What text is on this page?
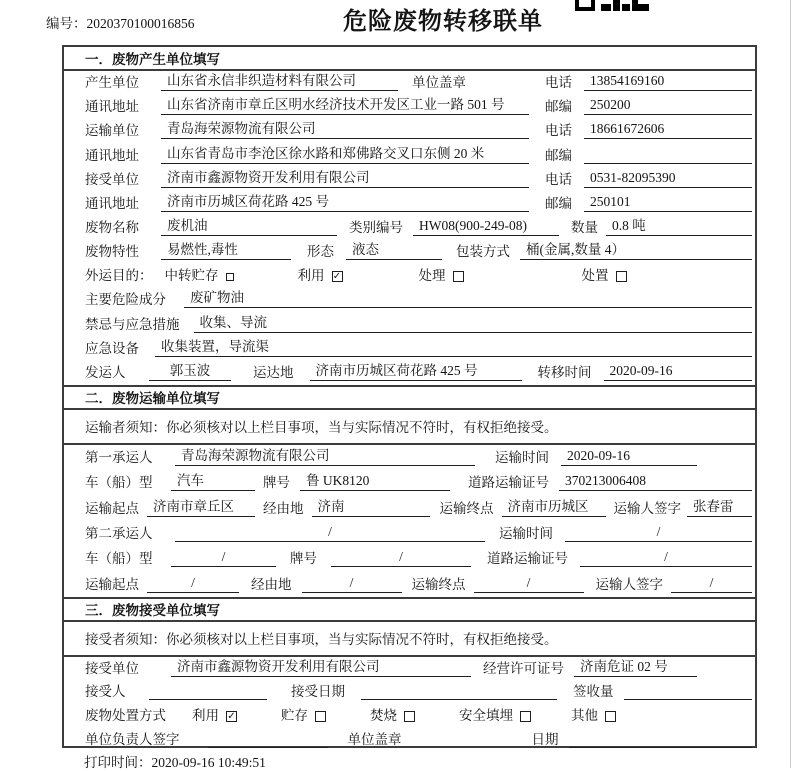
编号：2020370100016856	危险废物转移联单
一．废物产生单位填写
产生单位	山东省永信非织造材料有限公司	单位盖章	电话	13854169160
通讯地址	山东省济南市章丘区明水经济技术开发区工业一路 501 号	邮编	250200
运输单位	青岛海荣源物流有限公司	电话	18661672606
通讯地址	山东省青岛市李沧区徐水路和郑佛路交叉口东侧 20 米	邮编
接受单位	济南市鑫源物资开发利用有限公司	电话	0531-82095390
通讯地址	济南市历城区荷花路 425 号	邮编	250101
废物名称	废机油	类别编号	HW08(900-249-08)	数量	0.8 吨
废物特性	易燃性,毒性	形态	液态	包装方式	桶(金属,数量 4）
外运目的： 中转贮存	利用 ✓	处理	处置
主要危险成分	废矿物油
禁忌与应急措施	收集、导流
应急设备	收集装置，导流渠
发运人	郭玉波	运达地	济南市历城区荷花路 425 号	转移时间	2020-09-16
二．废物运输单位填写
运输者须知：你必须核对以上栏目事项，当与实际情况不符时，有权拒绝接受。
第一承运人	青岛海荣源物流有限公司	运输时间	2020-09-16
车（船）型	汽车	牌号	鲁 UK8120	道路运输证号	370213006408
运输起点	济南市章丘区	经由地	济南	运输终点	济南市历城区	运输人签字 张春雷
第二承运人	/	运输时间	/
车（船）型	/	牌号	/	道路运输证号	/
运输起点	/	经由地	/	运输终点	/	运输人签字	/
三．废物接受单位填写
接受者须知：你必须核对以上栏目事项，当与实际情况不符时，有权拒绝接受。
接受单位	济南市鑫源物资开发利用有限公司	经营许可证号	济南危证 02 号
接受人	接受日期	签收量
废物处置方式 利用 ✓	贮存	焚烧	安全填埋	其他
单位负责人签字	单位盖章	日期
打印时间：2020-09-16 10:49:51
